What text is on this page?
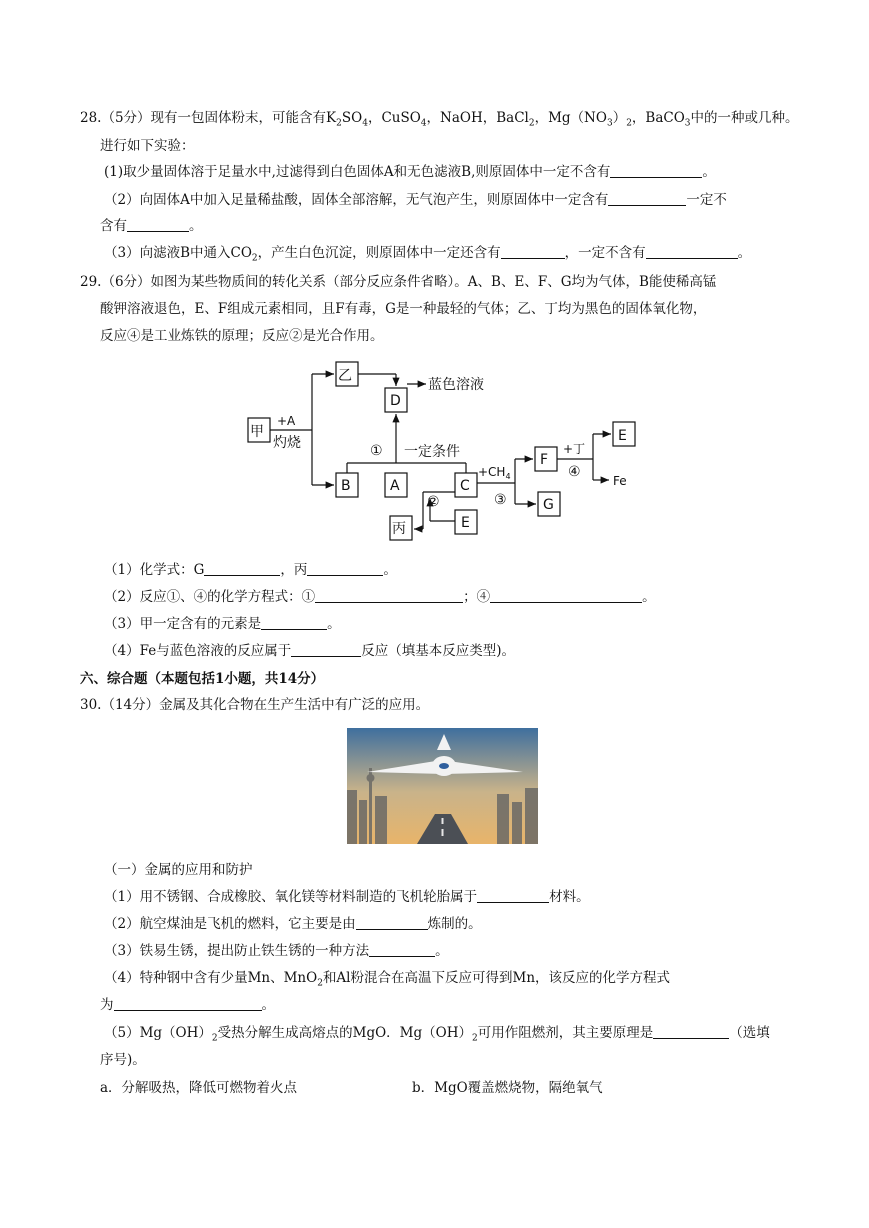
28.（5分）现有一包固体粉末，可能含有$K_2SO_4$，CuSO$_4$，NaOH，BaCl$_2$，$Mg(NO_3)_2$，BaCO$_3$中的一种或几种。
进行如下实验：
(1)取少量固体溶于足量水中,过滤得到白色固体A和无色滤液B,则原固体中一定不含有	。
（2）向固体A中加入足量稀盐酸，固体全部溶解，无气泡产生，则原固体中一定含有	一定不
含有	。
（3）向滤液B中通入$CO_2$，产生白色沉淀，则原固体中一定还含有	，一定不含有	。
29.（6分）如图为某些物质间的转化关系（部分反应条件省略）。A、B、E、F、G均为气体，B能使稀高锰
酸钾溶液退色，E、F组成元素相同，且F有毒，G是一种最轻的气体；乙、丁均为黑色的固体氧化物，
反应④是工业炼铁的原理；反应②是光合作用。
甲
乙
D
B	A	C
丙	E
F
E
G
蓝色溶液
+A
灼烧	① 一定条件
②
$+CH_4$
③
+丁
④
Fe
（1）化学式：G	，丙	。
（2）反应①、④的化学方程式：①	；④	。
（3）甲一定含有的元素是	。
（4）Fe与蓝色溶液的反应属于	反应（填基本反应类型)。
六、综合题（本题包括1小题，共14分）
30.（14分）金属及其化合物在生产生活中有广泛的应用。
（一）金属的应用和防护
（1）用不锈钢、合成橡胶、氧化镁等材料制造的飞机轮胎属于	材料。
（2）航空煤油是飞机的燃料，它主要是由	炼制的。
（3）铁易生锈，提出防止铁生锈的一种方法	。
（4）特种钢中含有少量Mn、MnO$_2$和Al粉混合在高温下反应可得到Mn，该反应的化学方程式
为	。
$(5)Mg(OH)_2$受热分解生成高熔点的MgO．$Mg(OH)_2$可用作阻燃剂，其主要原理是	（选填
序号)。
a．分解吸热，降低可燃物着火点	b．MgO覆盖燃烧物，隔绝氧气
